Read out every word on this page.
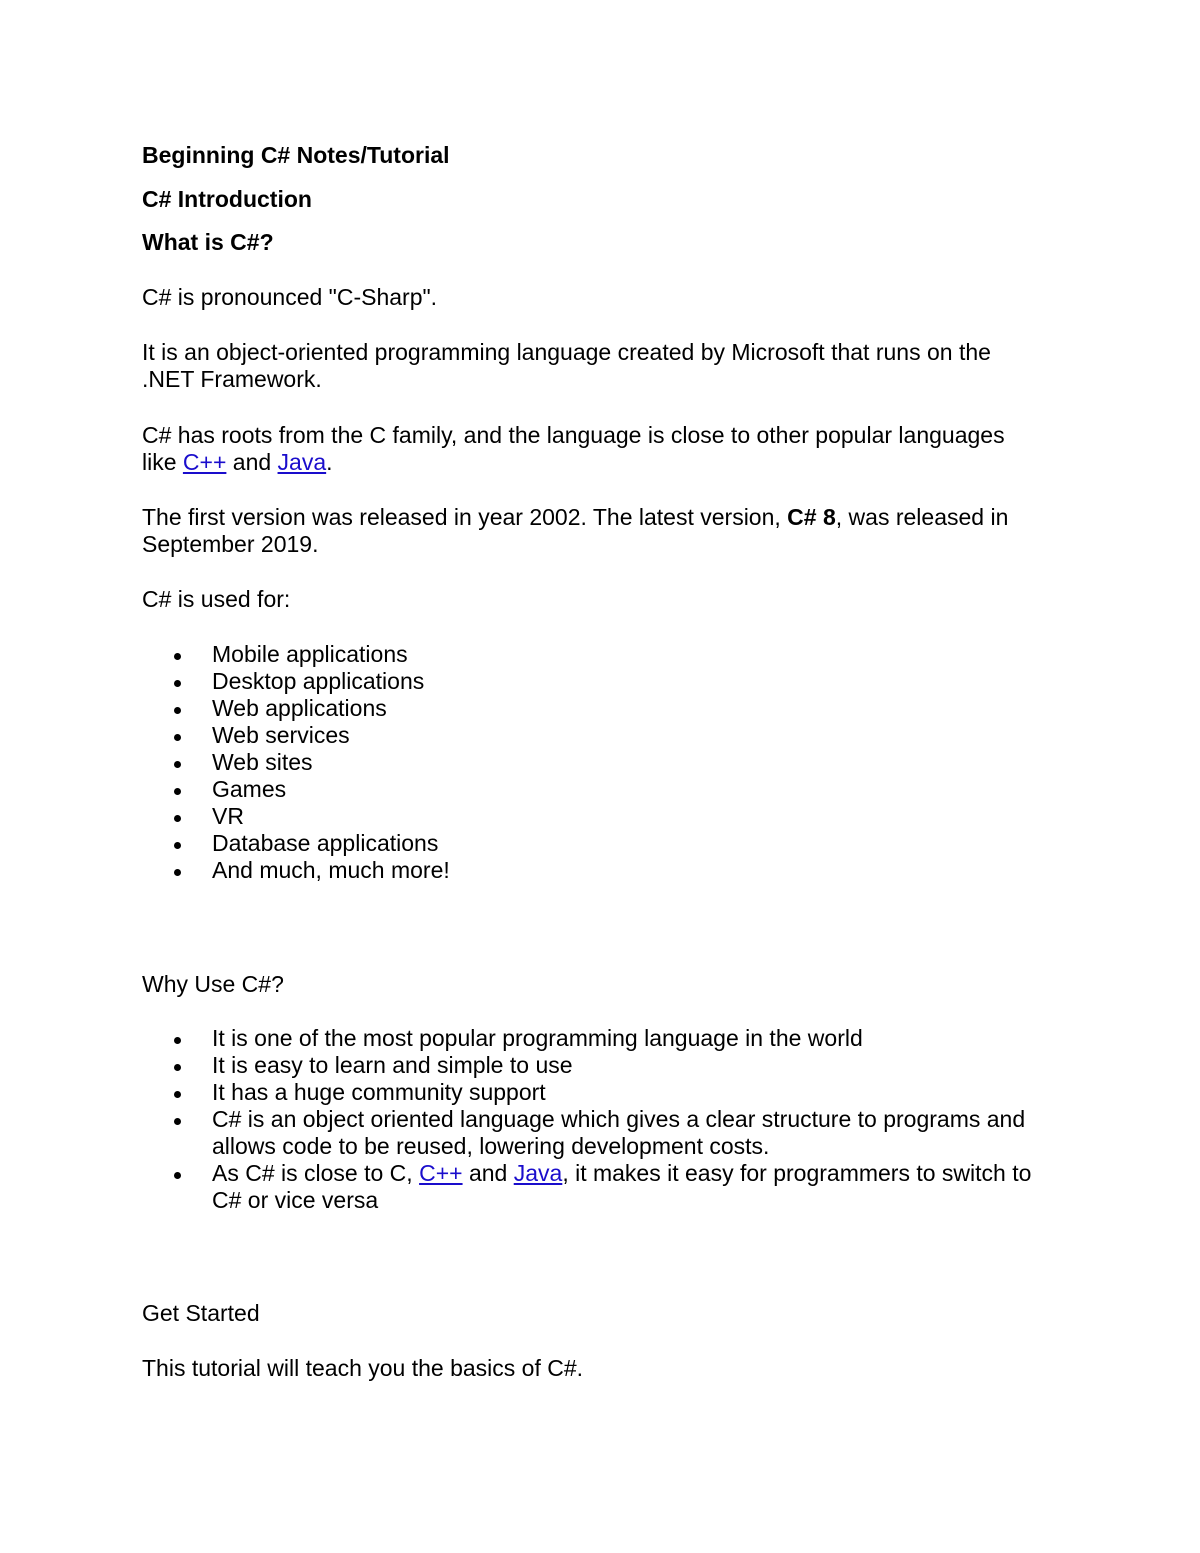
Beginning C# Notes/Tutorial
C# Introduction
What is C#?
C# is pronounced "C-Sharp".
It is an object-oriented programming language created by Microsoft that runs on the
.NET Framework.
C# has roots from the C family, and the language is close to other popular languages
like C++ and Java.
The first version was released in year 2002. The latest version, C# 8, was released in
September 2019.
C# is used for:
Mobile applications
Desktop applications
Web applications
Web services
Web sites
Games
VR
Database applications
And much, much more!
Why Use C#?
It is one of the most popular programming language in the world
It is easy to learn and simple to use
It has a huge community support
C# is an object oriented language which gives a clear structure to programs and
allows code to be reused, lowering development costs.
As C# is close to C, C++ and Java, it makes it easy for programmers to switch to
C# or vice versa
Get Started
This tutorial will teach you the basics of C#.
